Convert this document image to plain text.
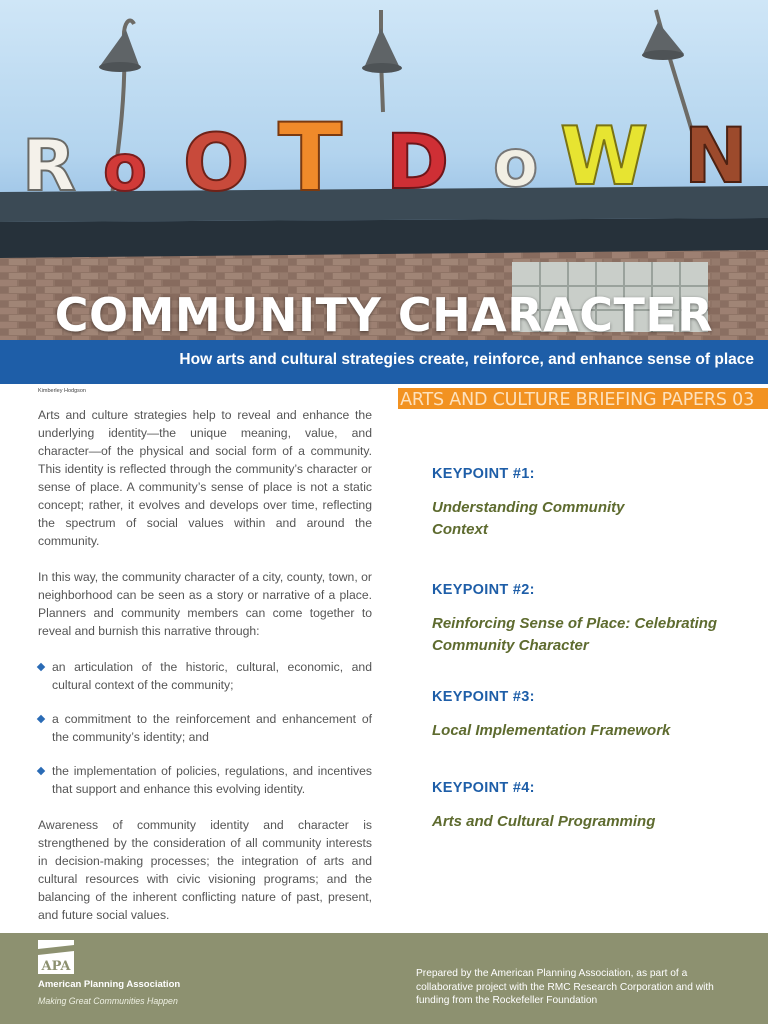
R o O T D o W N
COMMUNITY CHARACTER
How arts and cultural strategies create, reinforce, and enhance sense of place
Kimberley Hodgson	ARTS AND CULTURE BRIEFING PAPERS 03

Arts and culture strategies help to reveal and enhance the underlying identity—the unique meaning, value, and character—of the physical and social form of a community. This identity is reflected through the community’s character or sense of place. A community’s sense of place is not a static concept; rather, it evolves and develops over time, reflecting the spectrum of social values within and around the community.

In this way, the community character of a city, county, town, or neighborhood can be seen as a story or narrative of a place. Planners and community members can come together to reveal and burnish this narrative through:

an articulation of the historic, cultural, economic, and cultural context of the community;
a commitment to the reinforcement and enhancement of the community’s identity; and
the implementation of policies, regulations, and incentives that support and enhance this evolving identity.

Awareness of community identity and character is strengthened by the consideration of all community interests in decision-making processes; the integration of arts and cultural resources with civic visioning programs; and the balancing of the inherent conflicting nature of past, present, and future social values.

KEYPOINT #1:
Understanding Community Context
KEYPOINT #2:
Reinforcing Sense of Place: Celebrating Community Character
KEYPOINT #3:
Local Implementation Framework
KEYPOINT #4:
Arts and Cultural Programming
APA
American Planning Association
Making Great Communities Happen
Prepared by the American Planning Association, as part of a collaborative project with the RMC Research Corporation and with funding from the Rockefeller Foundation
